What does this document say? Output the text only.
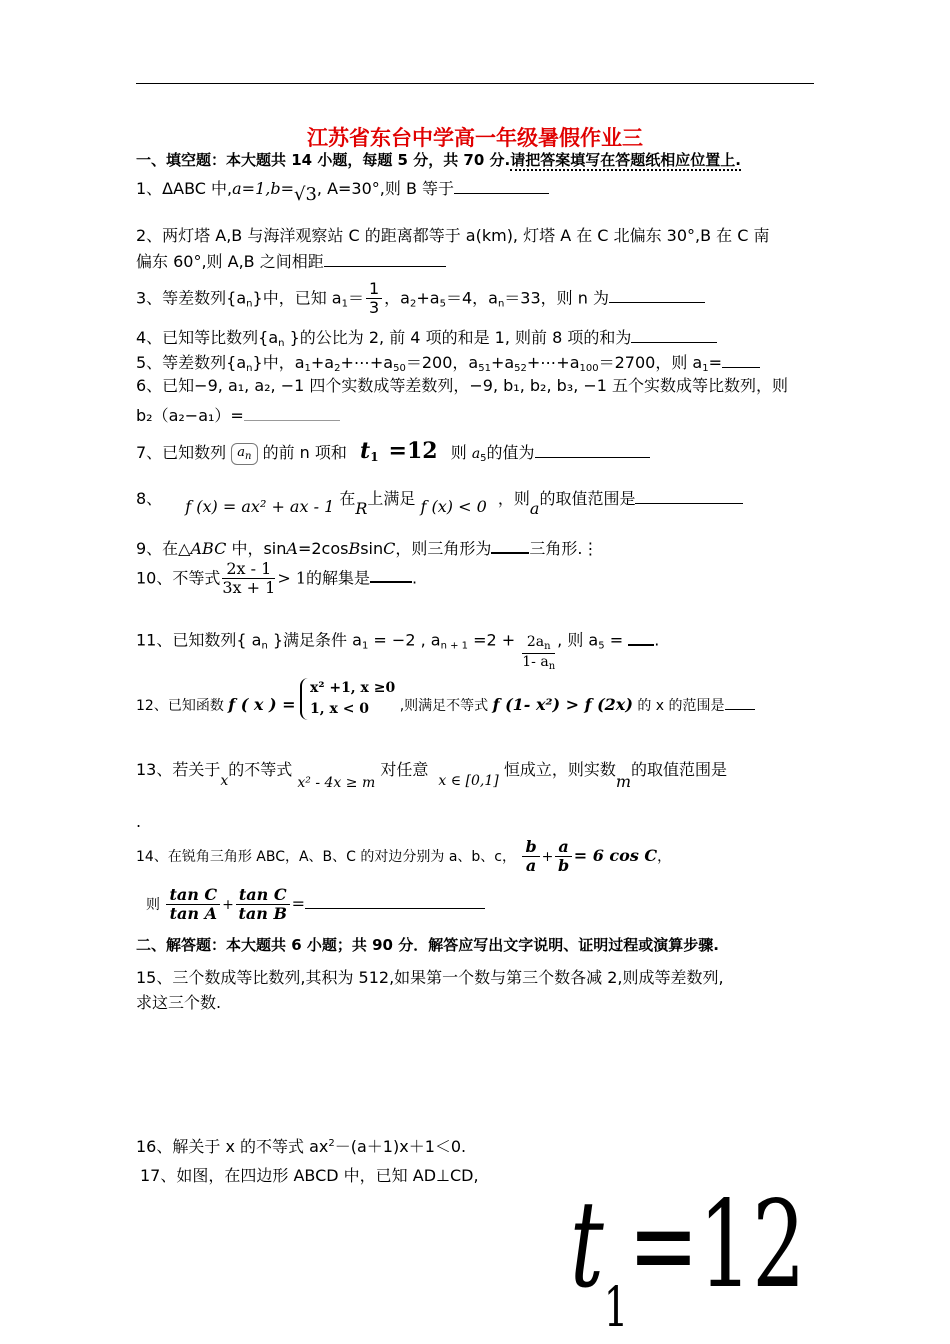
江苏省东台中学高一年级暑假作业三
一、填空题：本大题共 14 小题，每题 5 分，共 70 分.请把答案填写在答题纸相应位置上.
1、ΔABC 中,a=1,b=√3, A=30°,则 B 等于
2、两灯塔 A,B 与海洋观察站 C 的距离都等于 a(km), 灯塔 A 在 C 北偏东 30°,B 在 C 南
偏东 60°,则 A,B 之间相距
3、等差数列$\{a_n\}$中，已知 $a_1= \frac{1}{3}$ ，$a_2+a_5=4$，$a_n=33$，则 n 为
4、已知等比数列{$a_n$ }的公比为 2, 前 4 项的和是 1, 则前 8 项的和为
5、等差数列$\{a_n\}$中，$a_1+a_2+\cdots+a_{50}=200$，$a_{51}+a_{52}+\cdots+a_{100}=2700$，则 $a_1=$
6、已知−9, a₁, a₂, −1 四个实数成等差数列，−9, b₁, b₂, b₃, −1 五个实数成等比数列，则
b₂（a₂−a₁）=
7、已知数列 $a_n$ 的前 n 项和 $t_1 =12$ 则 $a_5$的值为
8、 f (x) = ax² + ax - 1 在R上满足 f (x) < 0 ，则a的取值范围是
9、在△ABC 中，sinA=2cosBsinC，则三角形为 三角形.⋮
10、不等式 $\frac{2x - 1}{3x + 1} > 1$的解集是	.
11、已知数列{ $a_n$ }满足条件 $a_1 = -2$ , $a_{n + 1} =2 + \frac{2a_n}{1- a_n}$ , 则 $a_5$ = .
12、已知函数 f ( x ) =
x² +1, x ≥0
1, x < 0	,则满足不等式 f (1- x²) > f (2x) 的 x 的范围是
13、若关于x的不等式 x² - 4x ≥ m 对任意x ∈ [0,1] 恒成立，则实数m的取值范围是
.
14、在锐角三角形 ABC，A、B、C 的对边分别为 a、b、c， $\frac{b}{a} + \frac{a}{b} = 6$ cos C，
则 $\frac{\text{tan C}}{\text{tan A}} + \frac{\text{tan C}}{\text{tan B}}$ =
二、解答题：本大题共 6 小题；共 90 分．解答应写出文字说明、证明过程或演算步骤.
15、三个数成等比数列,其积为 512,如果第一个数与第三个数各减 2,则成等差数列,
求这三个数.
16、解关于 x 的不等式 $ax^2-(a+1)x+1<0$.
17、如图，在四边形 ABCD 中，已知 AD⊥CD,
$t_1=12$
